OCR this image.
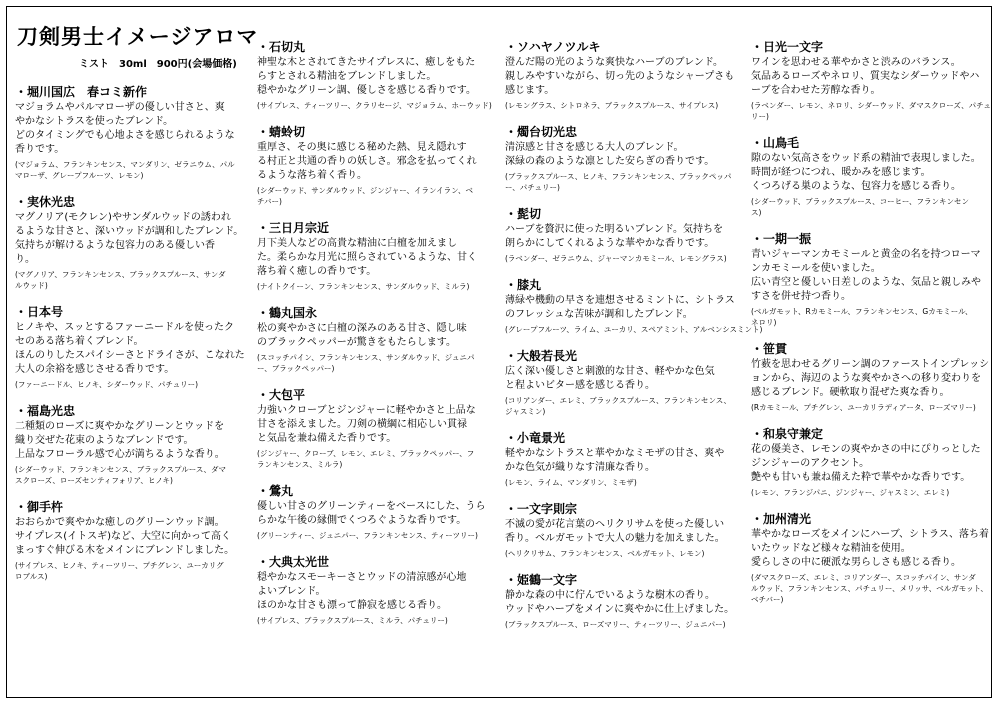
刀剣男士イメージアロマ
ミスト　30ml　900円(会場価格)
・堀川国広　春コミ新作
マジョラムやパルマローザの優しい甘さと、爽
やかなシトラスを使ったブレンド。
どのタイミングでも心地よさを感じられるような
香りです。
(マジョラム、フランキンセンス、マンダリン、ゼラニウム、パル
マローザ、グレープフルーツ、レモン)
・実休光忠
マグノリア(モクレン)やサンダルウッドの誘われ
るような甘さと、深いウッドが調和したブレンド。
気持ちが解けるような包容力のある優しい香
り。
(マグノリア、フランキンセンス、ブラックスプルース、サンダ
ルウッド)
・日本号
ヒノキや、スッとするファーニードルを使ったク
セのある落ち着くブレンド。
ほんのりしたスパイシーさとドライさが、こなれた
大人の余裕を感じさせる香りです。
(ファーニードル、ヒノキ、シダーウッド、パチュリー)
・福島光忠
二種類のローズに爽やかなグリーンとウッドを
織り交ぜた花束のようなブレンドです。
上品なフローラル感で心が満ちるような香り。
(シダーウッド、フランキンセンス、ブラックスプルース、ダマ
スクローズ、ローズセンティフォリア、ヒノキ)
・御手杵
おおらかで爽やかな癒しのグリーンウッド調。
サイプレス(イトスギ)など、大空に向かって高く
まっすぐ伸びる木をメインにブレンドしました。
(サイプレス、ヒノキ、ティーツリー、プチグレン、ユーカリグ
ロブルス)
・石切丸
神聖な木とされてきたサイプレスに、癒しをもた
らすとされる精油をブレンドしました。
穏やかなグリーン調、優しさを感じる香りです。
(サイプレス、ティーツリー、クラリセージ、マジョラム、ホーウッド)
・蜻蛉切
重厚さ、その奥に感じる秘めた熱、見え隠れす
る村正と共通の香りの妖しさ。邪念を払ってくれ
るような落ち着く香り。
(シダーウッド、サンダルウッド、ジンジャー、イランイラン、ベ
チバー)
・三日月宗近
月下美人などの高貴な精油に白檀を加えまし
た。柔らかな月光に照らされているような、甘く
落ち着く癒しの香りです。
(ナイトクイーン、フランキンセンス、サンダルウッド、ミルラ)
・鶴丸国永
松の爽やかさに白檀の深みのある甘さ、隠し味
のブラックペッパーが驚きをもたらします。
(スコッチパイン、フランキンセンス、サンダルウッド、ジュニパ
ー、ブラックペッパー)
・大包平
力強いクローブとジンジャーに軽やかさと上品な
甘さを添えました。刀剣の横綱に相応しい貫禄
と気品を兼ね備えた香りです。
(ジンジャー、クローブ、レモン、エレミ、ブラックペッパー、フ
ランキンセンス、ミルラ)
・鶯丸
優しい甘さのグリーンティーをベースにした、うら
らかな午後の縁側でくつろぐような香りです。
(グリーンティー、ジュニパー、フランキンセンス、ティーツリー)
・大典太光世
穏やかなスモーキーさとウッドの清涼感が心地
よいブレンド。
ほのかな甘さも漂って静寂を感じる香り。
(サイプレス、ブラックスプルース、ミルラ、パチュリー)
・ソハヤノツルキ
澄んだ陽の光のような爽快なハーブのブレンド。
親しみやすいながら、切っ先のようなシャープさも
感じます。
(レモングラス、シトロネラ、ブラックスプルース、サイプレス)
・燭台切光忠
清涼感と甘さを感じる大人のブレンド。
深緑の森のような凛とした安らぎの香りです。
(ブラックスプルース、ヒノキ、フランキンセンス、ブラックペッパ
ー、パチュリー)
・髭切
ハーブを贅沢に使った明るいブレンド。気持ちを
朗らかにしてくれるような華やかな香りです。
(ラベンダー、ゼラニウム、ジャーマンカモミール、レモングラス)
・膝丸
薄緑や機動の早さを連想させるミントに、シトラス
のフレッシュな苦味が調和したブレンド。
(グレープフルーツ、ライム、ユーカリ、スペアミント、アルベンシスミント)
・大般若長光
広く深い優しさと刺激的な甘さ、軽やかな色気
と程よいビター感を感じる香り。
(コリアンダー、エレミ、ブラックスプルース、フランキンセンス、
ジャスミン)
・小竜景光
軽やかなシトラスと華やかなミモザの甘さ、爽や
かな色気が織りなす清廉な香り。
(レモン、ライム、マンダリン、ミモザ)
・一文字則宗
不滅の愛が花言葉のヘリクリサムを使った優しい
香り。ベルガモットで大人の魅力を加えました。
(ヘリクリサム、フランキンセンス、ベルガモット、レモン)
・姫鶴一文字
静かな森の中に佇んでいるような樹木の香り。
ウッドやハーブをメインに爽やかに仕上げました。
(ブラックスプルース、ローズマリー、ティーツリー、ジュニパー)
・日光一文字
ワインを思わせる華やかさと渋みのバランス。
気品あるローズやネロリ、質実なシダーウッドやハ
ーブを合わせた芳醇な香り。
(ラベンダー、レモン、ネロリ、シダーウッド、ダマスクローズ、パチュ
リー)
・山鳥毛
隙のない気高さをウッド系の精油で表現しました。
時間が経つにつれ、暖かみを感じます。
くつろげる巣のような、包容力を感じる香り。
(シダーウッド、ブラックスプルース、コーヒー、フランキンセン
ス)
・一期一振
青いジャーマンカモミールと黄金の名を持つローマ
ンカモミールを使いました。
広い青空と優しい日差しのような、気品と親しみや
すさを併せ持つ香り。
(ベルガモット、Rカモミール、フランキンセンス、Gカモミール、
ネロリ)
・笹貫
竹薮を思わせるグリーン調のファーストインプレッシ
ョンから、海辺のような爽やかさへの移り変わりを
感じるブレンド。硬軟取り混ぜた爽な香り。
(Rカモミール、プチグレン、ユーカリラディアータ、ローズマリー)
・和泉守兼定
花の優美さ、レモンの爽やかさの中にぴりっとした
ジンジャーのアクセント。
艶やも甘いも兼ね備えた粋で華やかな香りです。
(レモン、フランジパニ、ジンジャー、ジャスミン、エレミ)
・加州清光
華やかなローズをメインにハーブ、シトラス、落ち着
いたウッドなど様々な精油を使用。
愛らしさの中に硬派な男らしさも感じる香り。
(ダマスクローズ、エレミ、コリアンダー、スコッチパイン、サンダ
ルウッド、フランキンセンス、パチュリー、メリッサ、ベルガモット、
ベチバー)
